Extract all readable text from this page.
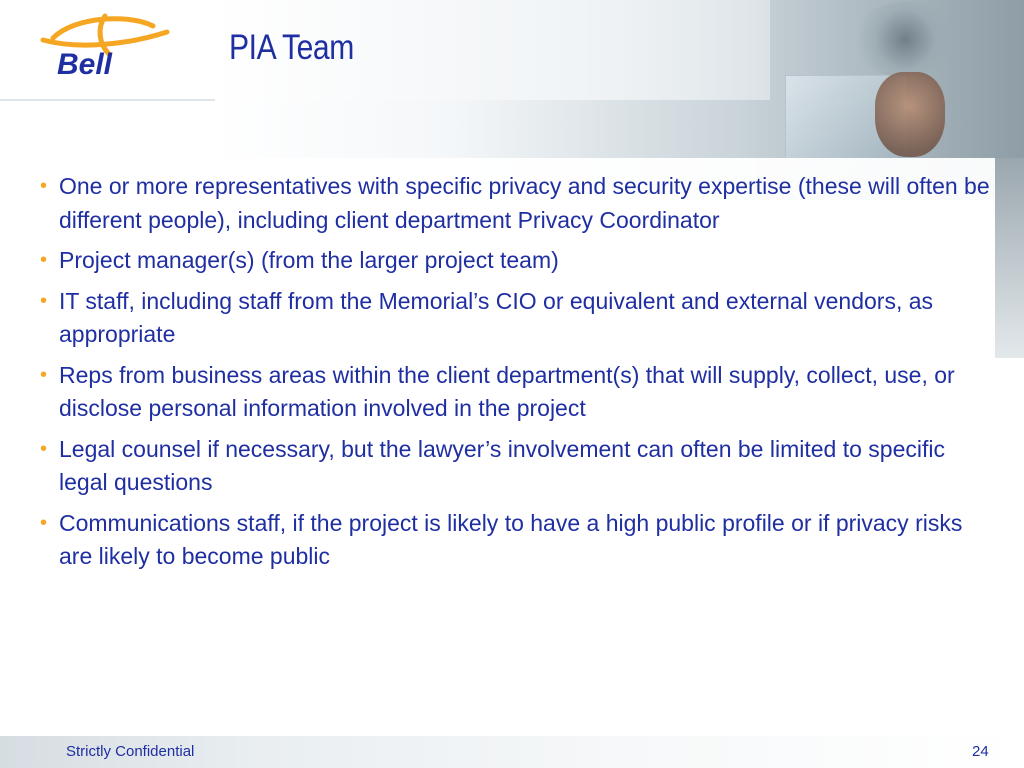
Bell	PIA Team
• One or more representatives with specific privacy and security expertise (these will often be different people), including client department Privacy Coordinator
• Project manager(s) (from the larger project team)
• IT staff, including staff from the Memorial’s CIO or equivalent and external vendors, as appropriate
• Reps from business areas within the client department(s) that will supply, collect, use, or disclose personal information involved in the project
• Legal counsel if necessary, but the lawyer’s involvement can often be limited to specific legal questions
• Communications staff, if the project is likely to have a high public profile or if privacy risks are likely to become public
Strictly Confidential	24
